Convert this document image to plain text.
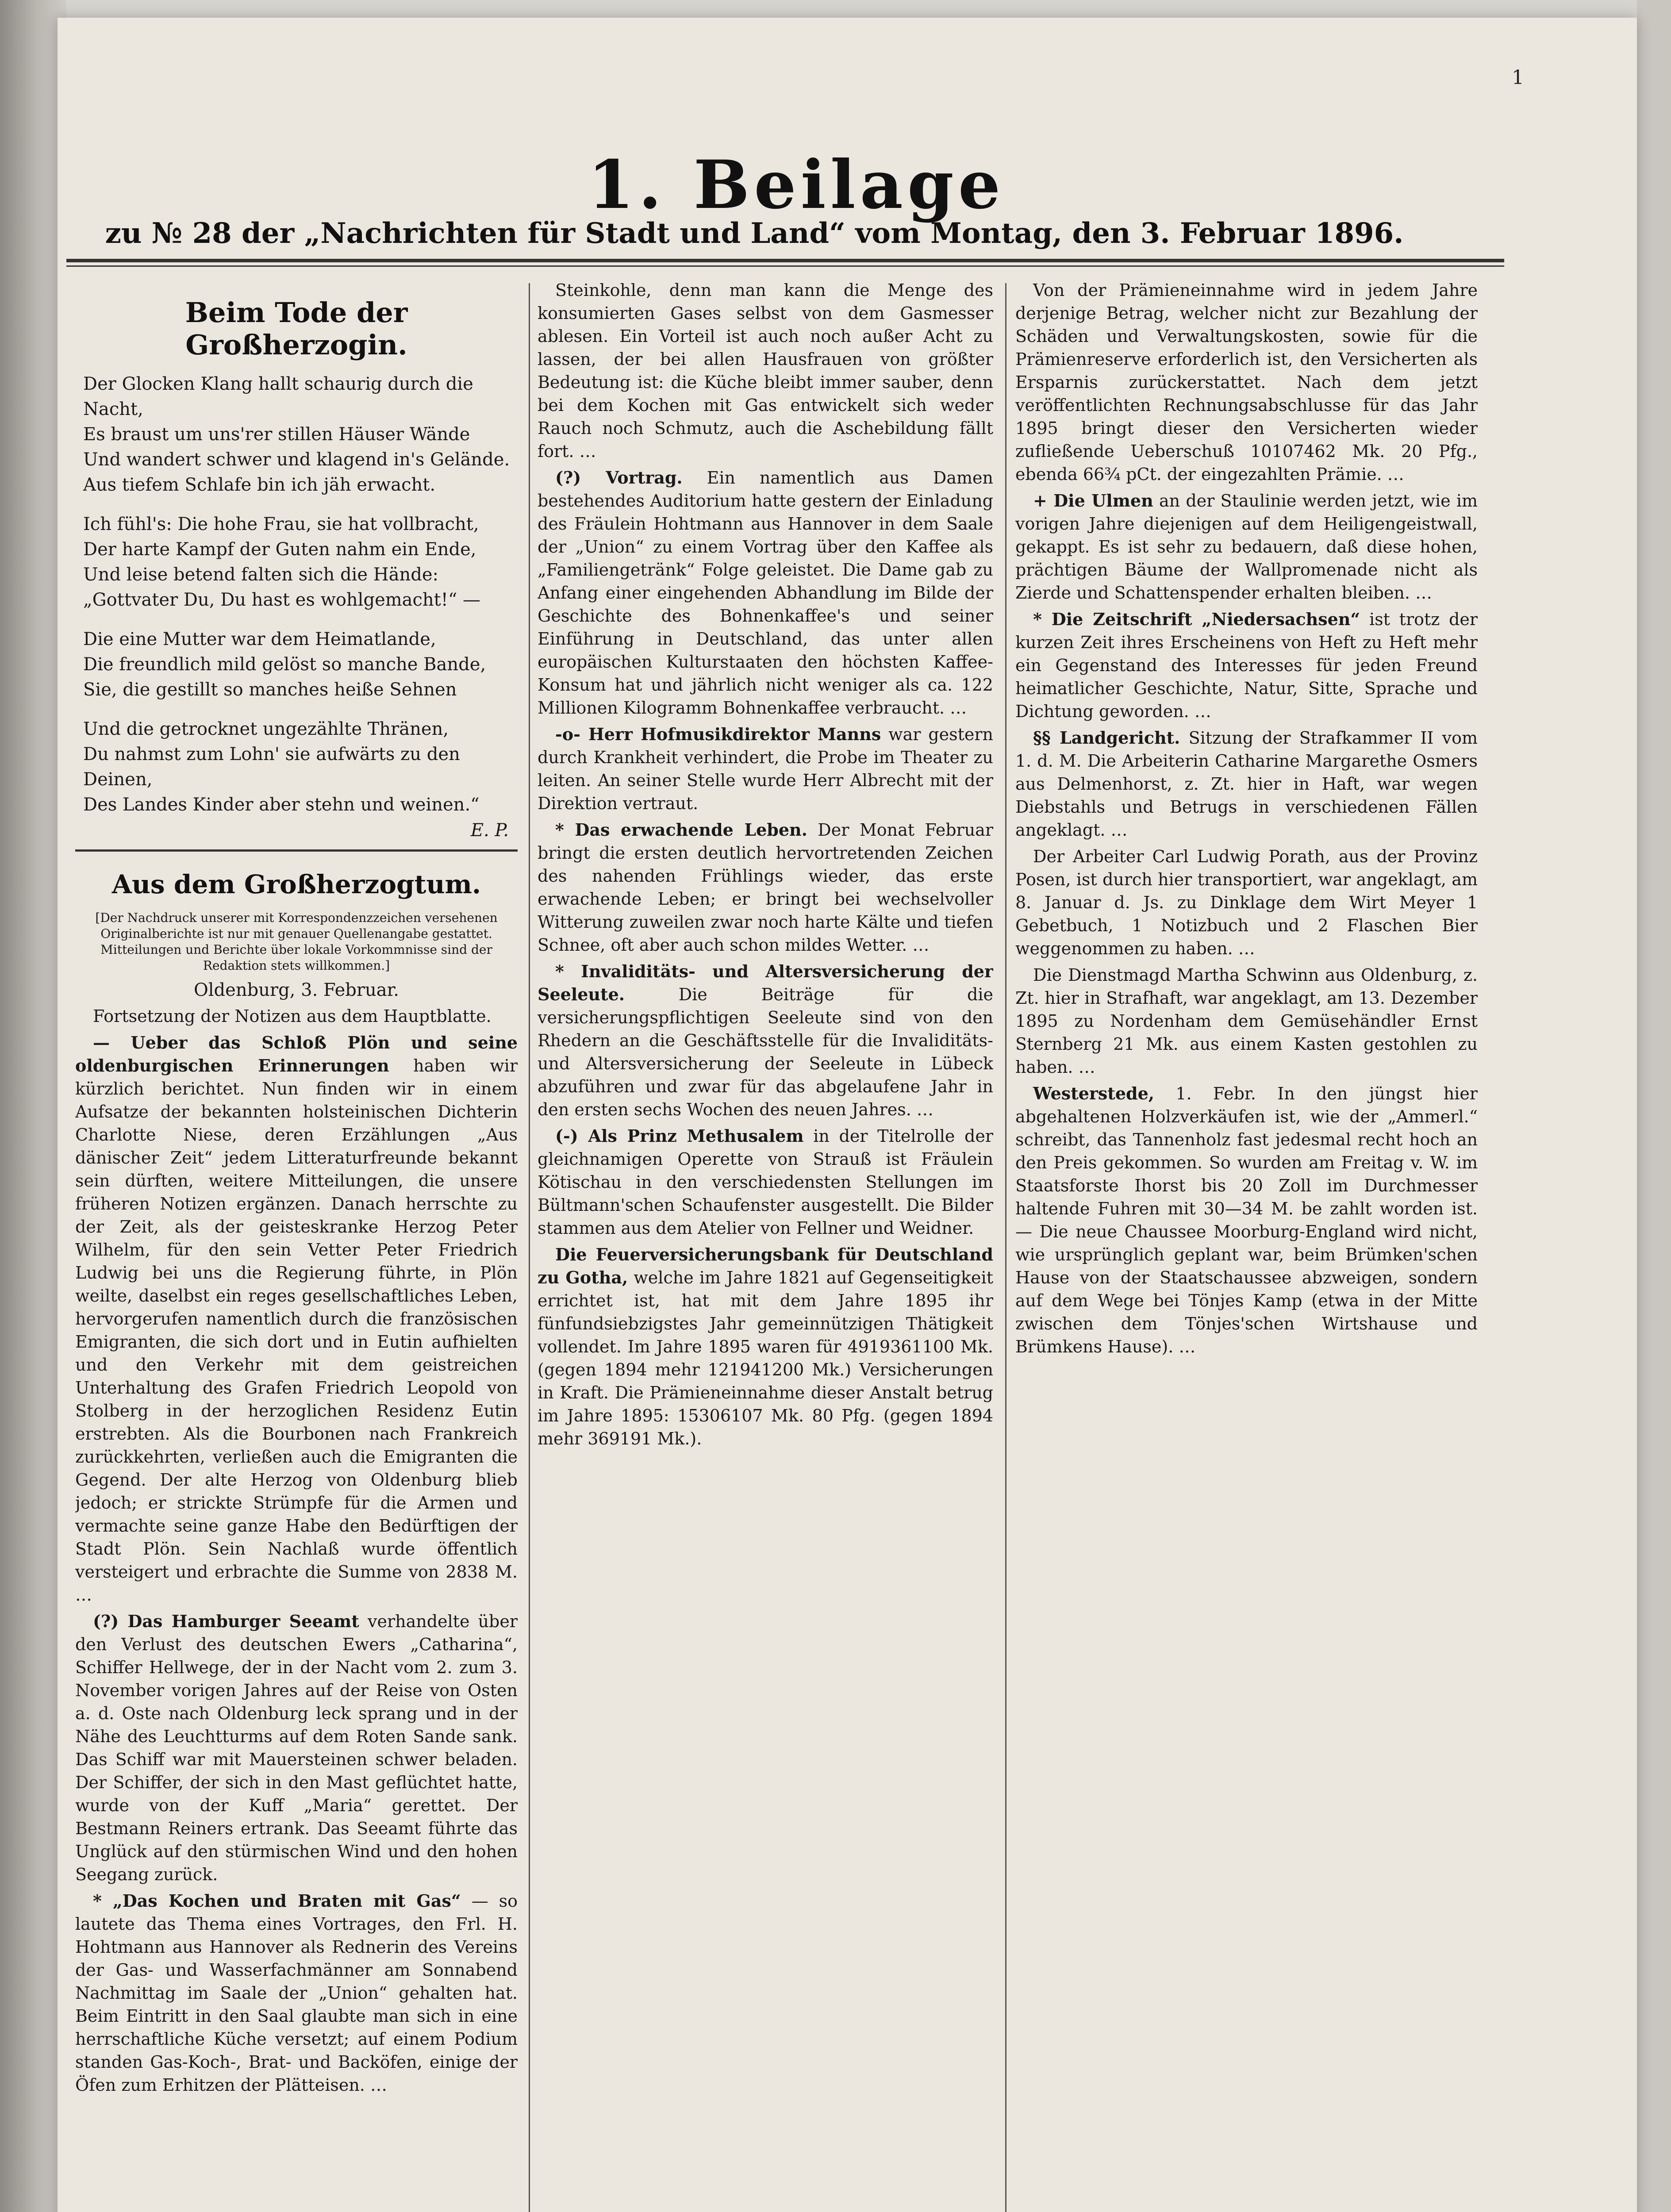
1
1. Beilage
zu № 28 der „Nachrichten für Stadt und Land“ vom Montag, den 3. Februar 1896.
Beim Tode der Großherzogin.

Der Glocken Klang hallt schaurig durch die Nacht,

Es braust um uns'rer stillen Häuser Wände

Und wandert schwer und klagend in's Gelände.

Aus tiefem Schlafe bin ich jäh erwacht.

Ich fühl's: Die hohe Frau, sie hat vollbracht,

Der harte Kampf der Guten nahm ein Ende,

Und leise betend falten sich die Hände:

„Gottvater Du, Du hast es wohlgemacht!“ —

Die eine Mutter war dem Heimatlande,

Die freundlich mild gelöst so manche Bande,

Sie, die gestillt so manches heiße Sehnen

Und die getrocknet ungezählte Thränen,

Du nahmst zum Lohn' sie aufwärts zu den Deinen,

Des Landes Kinder aber stehn und weinen.“

E. P.
Aus dem Großherzogtum.
[Der Nachdruck unserer mit Korrespondenzzeichen versehenen Originalberichte ist nur mit genauer Quellenangabe gestattet. Mitteilungen und Berichte über lokale Vorkommnisse sind der Redaktion stets willkommen.]
Oldenburg, 3. Februar.

Fortsetzung der Notizen aus dem Hauptblatte.

— Ueber das Schloß Plön und seine oldenburgischen Erinnerungen haben wir kürzlich berichtet. Nun finden wir in einem Aufsatze der bekannten holsteinischen Dichterin Charlotte Niese, deren Erzählungen „Aus dänischer Zeit“ jedem Litteraturfreunde bekannt sein dürften, weitere Mitteilungen, die unsere früheren Notizen ergänzen. Danach herrschte zu der Zeit, als der geisteskranke Herzog Peter Wilhelm, für den sein Vetter Peter Friedrich Ludwig bei uns die Regierung führte, in Plön weilte, daselbst ein reges gesellschaftliches Leben, hervorgerufen namentlich durch die französischen Emigranten, die sich dort und in Eutin aufhielten und den Verkehr mit dem geistreichen Unterhaltung des Grafen Friedrich Leopold von Stolberg in der herzoglichen Residenz Eutin erstrebten. Als die Bourbonen nach Frankreich zurückkehrten, verließen auch die Emigranten die Gegend. Der alte Herzog von Oldenburg blieb jedoch; er strickte Strümpfe für die Armen und vermachte seine ganze Habe den Bedürftigen der Stadt Plön. Sein Nachlaß wurde öffentlich versteigert und erbrachte die Summe von 2838 M. …

(?) Das Hamburger Seeamt verhandelte über den Verlust des deutschen Ewers „Catharina“, Schiffer Hellwege, der in der Nacht vom 2. zum 3. November vorigen Jahres auf der Reise von Osten a. d. Oste nach Oldenburg leck sprang und in der Nähe des Leuchtturms auf dem Roten Sande sank. Das Schiff war mit Mauersteinen schwer beladen. Der Schiffer, der sich in den Mast geflüchtet hatte, wurde von der Kuff „Maria“ gerettet. Der Bestmann Reiners ertrank. Das Seeamt führte das Unglück auf den stürmischen Wind und den hohen Seegang zurück.

* „Das Kochen und Braten mit Gas“ — so lautete das Thema eines Vortrages, den Frl. H. Hohtmann aus Hannover als Rednerin des Vereins der Gas- und Wasserfachmänner am Sonnabend Nachmittag im Saale der „Union“ gehalten hat. Beim Eintritt in den Saal glaubte man sich in eine herrschaftliche Küche versetzt; auf einem Podium standen Gas-Koch-, Brat- und Backöfen, einige der Öfen zum Erhitzen der Plätteisen. …

Steinkohle, denn man kann die Menge des konsumierten Gases selbst von dem Gasmesser ablesen. Ein Vorteil ist auch noch außer Acht zu lassen, der bei allen Hausfrauen von größter Bedeutung ist: die Küche bleibt immer sauber, denn bei dem Kochen mit Gas entwickelt sich weder Rauch noch Schmutz, auch die Aschebildung fällt fort. …

(?) Vortrag. Ein namentlich aus Damen bestehendes Auditorium hatte gestern der Einladung des Fräulein Hohtmann aus Hannover in dem Saale der „Union“ zu einem Vortrag über den Kaffee als „Familiengetränk“ Folge geleistet. Die Dame gab zu Anfang einer eingehenden Abhandlung im Bilde der Geschichte des Bohnenkaffee's und seiner Einführung in Deutschland, das unter allen europäischen Kulturstaaten den höchsten Kaffee-Konsum hat und jährlich nicht weniger als ca. 122 Millionen Kilogramm Bohnenkaffee verbraucht. …

-o- Herr Hofmusikdirektor Manns war gestern durch Krankheit verhindert, die Probe im Theater zu leiten. An seiner Stelle wurde Herr Albrecht mit der Direktion vertraut.

* Das erwachende Leben. Der Monat Februar bringt die ersten deutlich hervortretenden Zeichen des nahenden Frühlings wieder, das erste erwachende Leben; er bringt bei wechselvoller Witterung zuweilen zwar noch harte Kälte und tiefen Schnee, oft aber auch schon mildes Wetter. …

* Invaliditäts- und Altersversicherung der Seeleute.	Die Beiträge für die versicherungspflichtigen Seeleute sind von den Rhedern an die Geschäftsstelle für die Invaliditäts- und Altersversicherung der Seeleute in Lübeck abzuführen und zwar für das abgelaufene Jahr in den ersten sechs Wochen des neuen Jahres. …

(-) Als Prinz Methusalem in der Titelrolle der gleichnamigen Operette von Strauß ist Fräulein Kötischau in den verschiedensten Stellungen im Bültmann'schen Schaufenster ausgestellt. Die Bilder stammen aus dem Atelier von Fellner und Weidner.

Die Feuerversicherungsbank für Deutschland zu Gotha, welche im Jahre 1821 auf Gegenseitigkeit errichtet ist, hat mit dem Jahre 1895 ihr fünfundsiebzigstes Jahr gemeinnützigen Thätigkeit vollendet. Im Jahre 1895 waren für 4919361100 Mk. (gegen 1894 mehr 121941200 Mk.) Versicherungen in Kraft. Die Prämieneinnahme dieser Anstalt betrug im Jahre 1895: 15306107 Mk. 80 Pfg. (gegen 1894 mehr 369191 Mk.).

Von der Prämieneinnahme wird in jedem Jahre derjenige Betrag, welcher nicht zur Bezahlung der Schäden und Verwaltungskosten, sowie für die Prämienreserve erforderlich ist, den Versicherten als Ersparnis zurückerstattet. Nach dem jetzt veröffentlichten Rechnungsabschlusse für das Jahr 1895 bringt dieser den Versicherten wieder zufließende Ueberschuß 10107462 Mk. 20 Pfg., ebenda 66¾ pCt. der eingezahlten Prämie. …

+ Die Ulmen an der Staulinie werden jetzt, wie im vorigen Jahre diejenigen auf dem Heiligengeistwall, gekappt. Es ist sehr zu bedauern, daß diese hohen, prächtigen Bäume der Wallpromenade nicht als Zierde und Schattenspender erhalten bleiben. …

* Die Zeitschrift „Niedersachsen“ ist trotz der kurzen Zeit ihres Erscheinens von Heft zu Heft mehr ein Gegenstand des Interesses für jeden Freund heimatlicher Geschichte, Natur, Sitte, Sprache und Dichtung geworden. …

§§ Landgericht. Sitzung der Strafkammer II vom 1. d. M. Die Arbeiterin Catharine Margarethe Osmers aus Delmenhorst, z. Zt. hier in Haft, war wegen Diebstahls und Betrugs in verschiedenen Fällen angeklagt. …

Der Arbeiter Carl Ludwig Porath, aus der Provinz Posen, ist durch hier transportiert, war angeklagt, am 8. Januar d. Js. zu Dinklage dem Wirt Meyer 1 Gebetbuch, 1 Notizbuch und 2 Flaschen Bier weggenommen zu haben. …

Die Dienstmagd Martha Schwinn aus Oldenburg, z. Zt. hier in Strafhaft, war angeklagt, am 13. Dezember 1895 zu Nordenham dem Gemüsehändler Ernst Sternberg 21 Mk. aus einem Kasten gestohlen zu haben. …

Westerstede, 1. Febr. In den jüngst hier abgehaltenen Holzverkäufen ist, wie der „Ammerl.“ schreibt, das Tannenholz fast jedesmal recht hoch an den Preis gekommen. So wurden am Freitag v. W. im Staatsforste Ihorst bis 20 Zoll im Durchmesser haltende Fuhren mit 30—34 M. be zahlt worden ist. — Die neue Chaussee Moorburg-England wird nicht, wie ursprünglich geplant war, beim Brümken'schen Hause von der Staatschaussee abzweigen, sondern auf dem Wege bei Tönjes Kamp (etwa in der Mitte zwischen dem Tönjes'schen Wirtshause und Brümkens Hause). …
